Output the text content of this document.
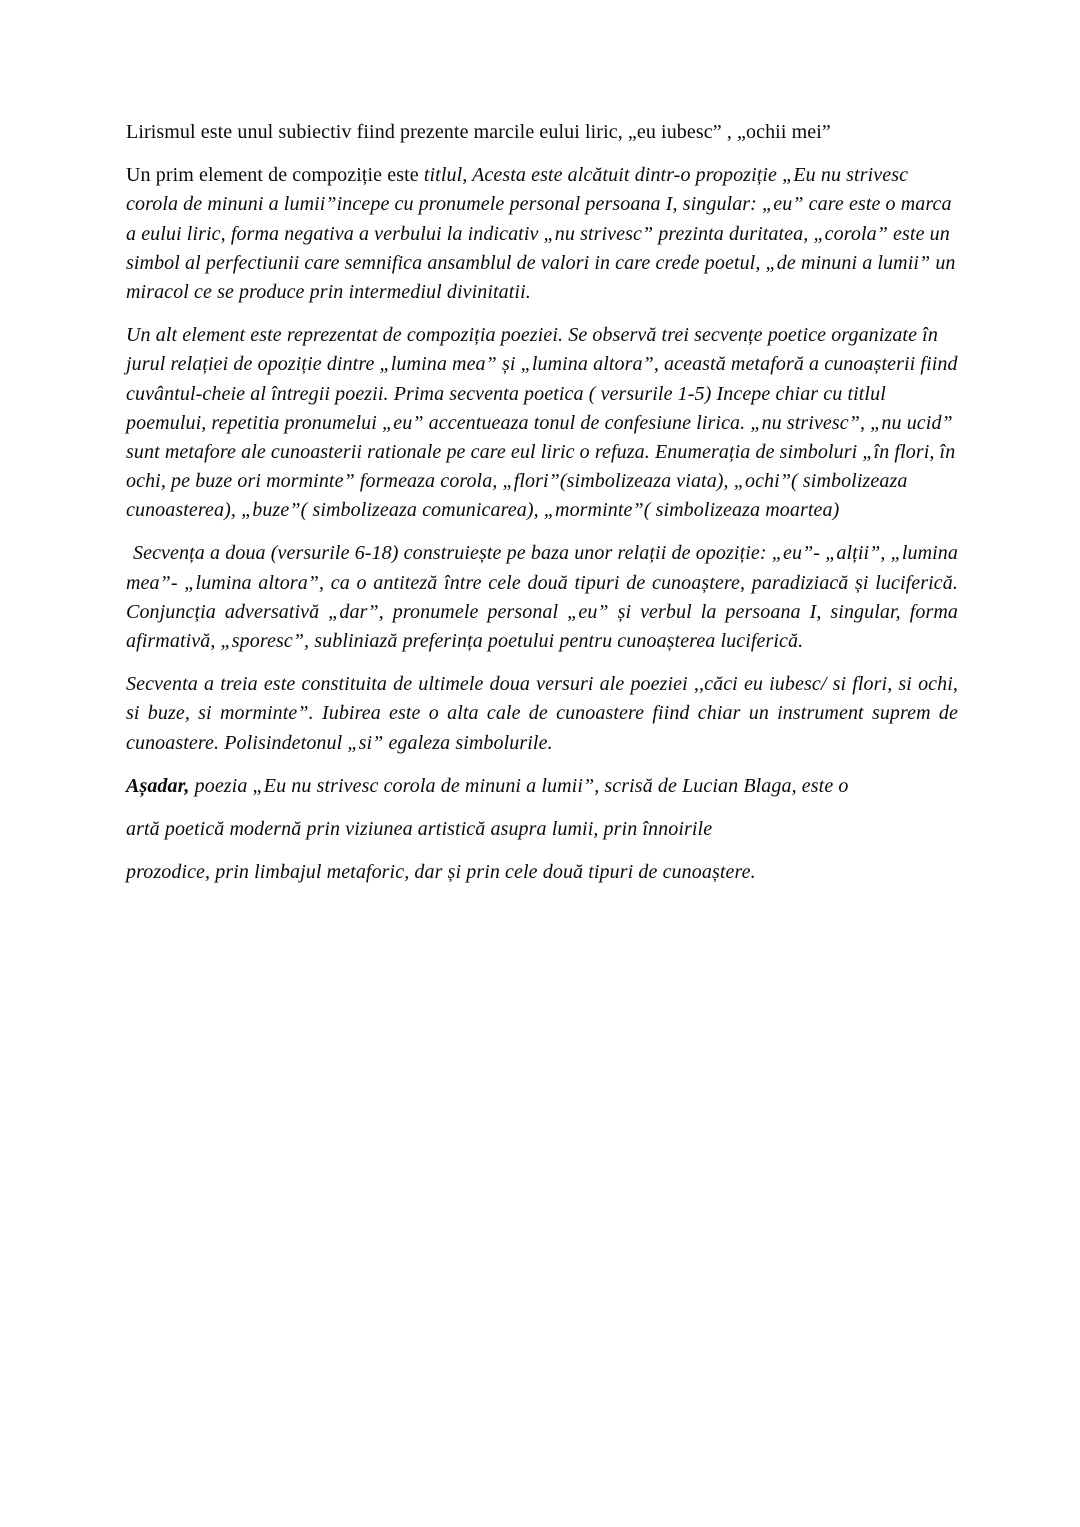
Lirismul este unul subiectiv fiind prezente marcile eului liric, „eu iubesc” , „ochii mei”

Un prim element de compoziție este titlul, Acesta este alcătuit dintr-o propoziție „Eu nu strivesc corola de minuni a lumii”incepe cu pronumele personal persoana I, singular: „eu” care este o marca a eului liric, forma negativa a verbului la indicativ „nu strivesc” prezinta duritatea, „corola” este un simbol al perfectiunii care semnifica ansamblul de valori in care crede poetul, „de minuni a lumii” un miracol ce se produce prin intermediul divinitatii.

Un alt element este reprezentat de compoziția poeziei. Se observă trei secvențe poetice organizate în jurul relației de opoziție dintre „lumina mea” și „lumina altora”, această metaforă a cunoașterii fiind cuvântul-cheie al întregii poezii. Prima secventa poetica ( versurile 1-5) Incepe chiar cu titlul poemului, repetitia pronumelui „eu” accentueaza tonul de confesiune lirica. „nu strivesc”, „nu ucid” sunt metafore ale cunoasterii rationale pe care eul liric o refuza. Enumerația de simboluri „în flori, în ochi, pe buze ori morminte” formeaza corola, „flori”(simbolizeaza viata), „ochi”( simbolizeaza cunoasterea), „buze”( simbolizeaza comunicarea), „morminte”( simbolizeaza moartea)

Secvența a doua (versurile 6-18) construiește pe baza unor relații de opoziție: „eu”- „alții”, „lumina mea”- „lumina altora”, ca o antiteză între cele două tipuri de cunoaștere, paradiziacă și luciferică. Conjuncția adversativă „dar”, pronumele personal „eu” și verbul la persoana I, singular, forma afirmativă, „sporesc”, subliniază preferința poetului pentru cunoașterea luciferică.

Secventa a treia este constituita de ultimele doua versuri ale poeziei ,,căci eu iubesc/ si flori, si ochi, si buze, si morminte”. Iubirea este o alta cale de cunoastere fiind chiar un instrument suprem de cunoastere. Polisindetonul „si” egaleza simbolurile.

Așadar, poezia „Eu nu strivesc corola de minuni a lumii”, scrisă de Lucian Blaga, este o

artă poetică modernă prin viziunea artistică asupra lumii, prin înnoirile

prozodice, prin limbajul metaforic, dar și prin cele două tipuri de cunoaștere.
